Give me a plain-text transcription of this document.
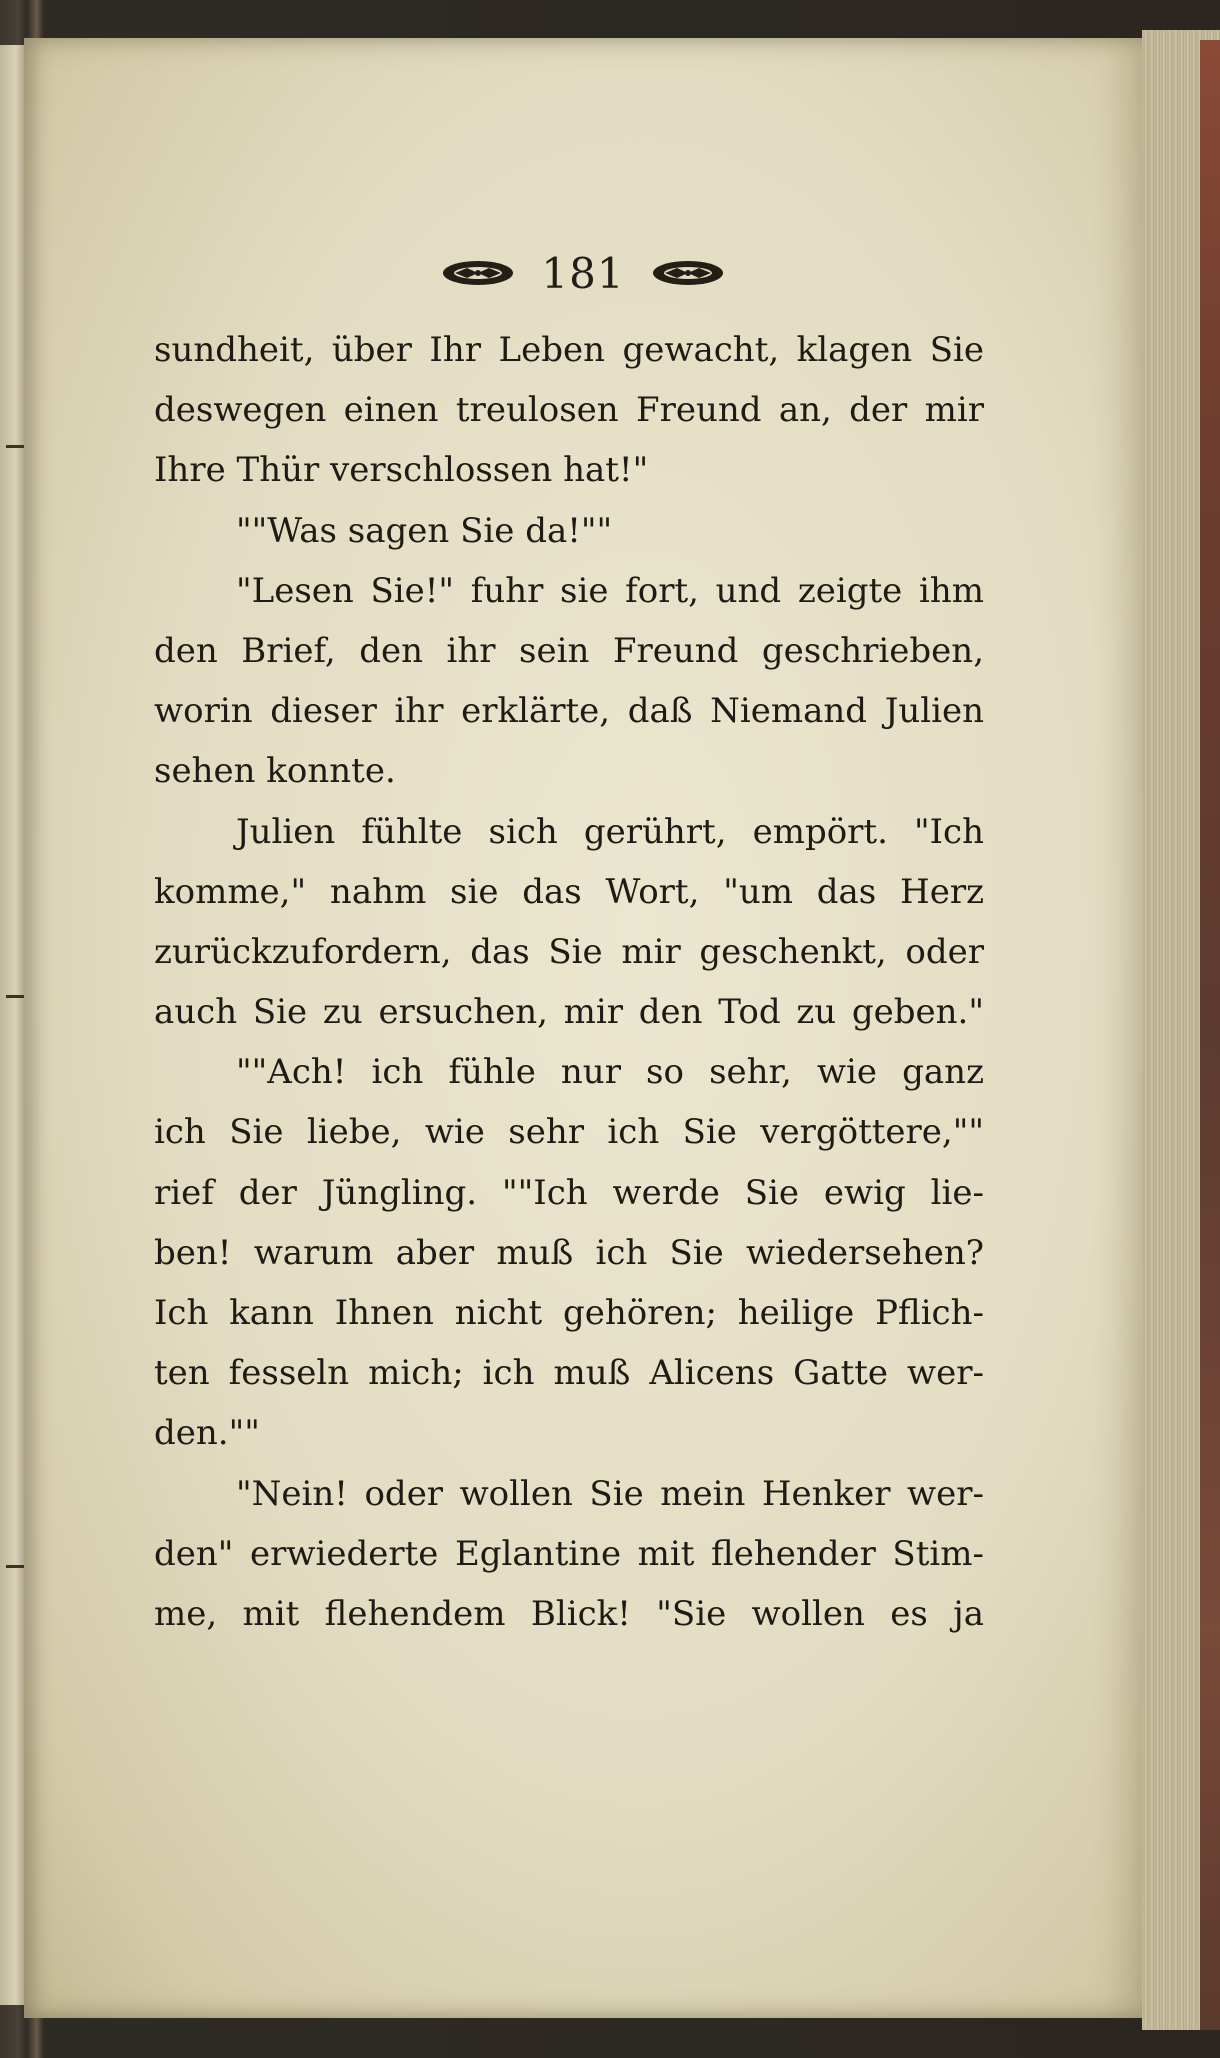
181
sundheit, über Ihr Leben gewacht, klagen Sie
deswegen einen treulosen Freund an, der mir
Ihre Thür verschlossen hat!"
""Was sagen Sie da!""
"Lesen Sie!" fuhr sie fort, und zeigte ihm
den Brief, den ihr sein Freund geschrieben,
worin dieser ihr erklärte, daß Niemand Julien
sehen konnte.
Julien fühlte sich gerührt, empört. "Ich
komme," nahm sie das Wort, "um das Herz
zurückzufordern, das Sie mir geschenkt, oder
auch Sie zu ersuchen, mir den Tod zu geben."
""Ach! ich fühle nur so sehr, wie ganz
ich Sie liebe, wie sehr ich Sie vergöttere,""
rief der Jüngling. ""Ich werde Sie ewig lie-
ben! warum aber muß ich Sie wiedersehen?
Ich kann Ihnen nicht gehören; heilige Pflich-
ten fesseln mich; ich muß Alicens Gatte wer-
den.""
"Nein! oder wollen Sie mein Henker wer-
den" erwiederte Eglantine mit flehender Stim-
me, mit flehendem Blick! "Sie wollen es ja
